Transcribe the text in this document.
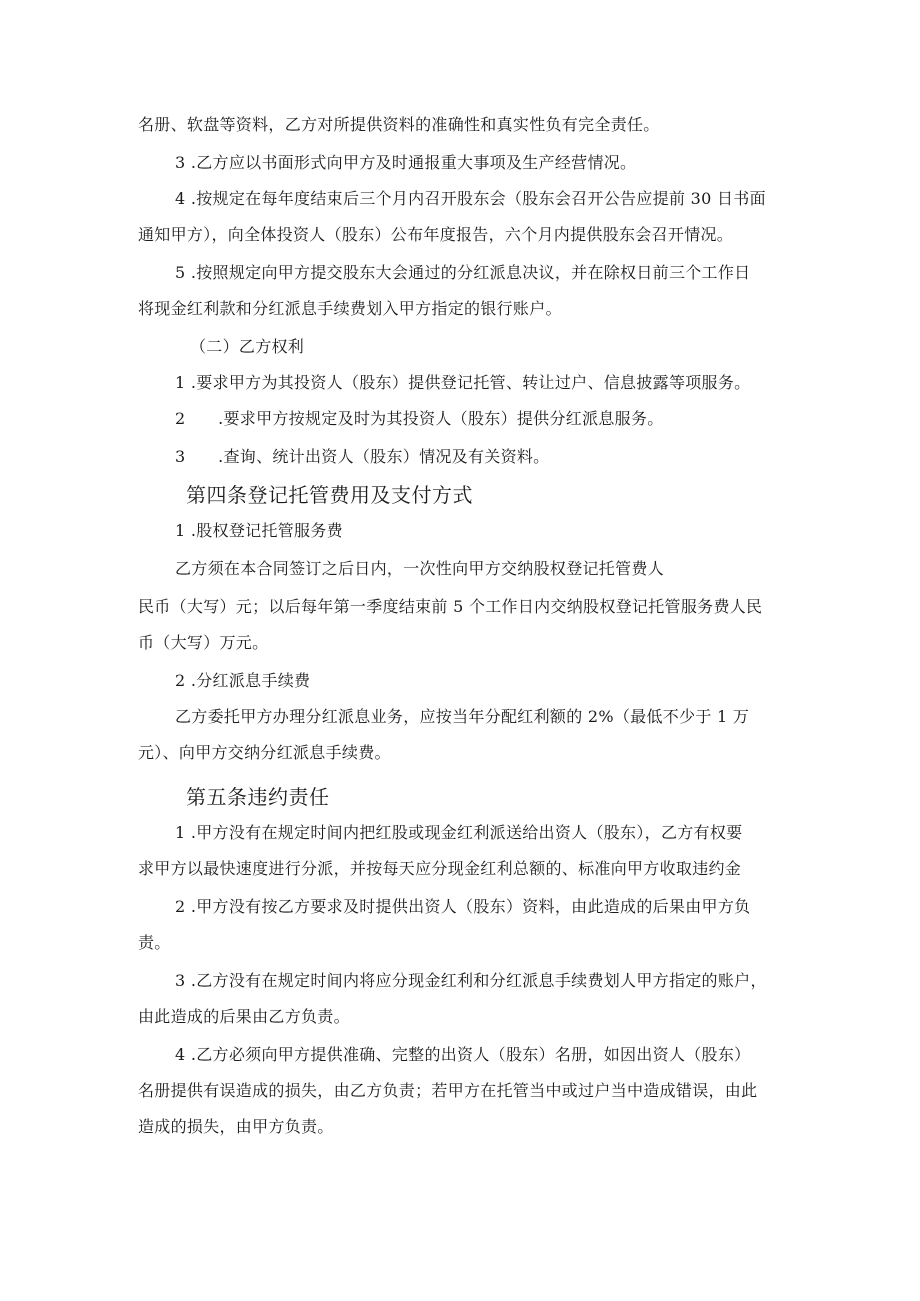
名册、软盘等资料，乙方对所提供资料的准确性和真实性负有完全责任。
3 .乙方应以书面形式向甲方及时通报重大事项及生产经营情况。
4 .按规定在每年度结束后三个月内召开股东会（股东会召开公告应提前 30 日书面
通知甲方），向全体投资人（股东）公布年度报告，六个月内提供股东会召开情况。
5 .按照规定向甲方提交股东大会通过的分红派息决议，并在除权日前三个工作日
将现金红利款和分红派息手续费划入甲方指定的银行账户。
（二）乙方权利
1 .要求甲方为其投资人（股东）提供登记托管、转让过户、信息披露等项服务。
2　　.要求甲方按规定及时为其投资人（股东）提供分红派息服务。
3　　.查询、统计出资人（股东）情况及有关资料。
第四条登记托管费用及支付方式
1 .股权登记托管服务费
乙方须在本合同签订之后日内，一次性向甲方交纳股权登记托管费人
民币（大写）元；以后每年第一季度结束前 5 个工作日内交纳股权登记托管服务费人民
币（大写）万元。
2 .分红派息手续费
乙方委托甲方办理分红派息业务，应按当年分配红利额的 2%（最低不少于 1 万
元）、向甲方交纳分红派息手续费。
第五条违约责任
1 .甲方没有在规定时间内把红股或现金红利派送给出资人（股东），乙方有权要
求甲方以最快速度进行分派，并按每天应分现金红利总额的、标准向甲方收取违约金
2 .甲方没有按乙方要求及时提供出资人（股东）资料，由此造成的后果由甲方负
责。
3 .乙方没有在规定时间内将应分现金红利和分红派息手续费划人甲方指定的账户，
由此造成的后果由乙方负责。
4 .乙方必须向甲方提供准确、完整的出资人（股东）名册，如因出资人（股东）
名册提供有误造成的损失，由乙方负责；若甲方在托管当中或过户当中造成错误，由此
造成的损失，由甲方负责。
